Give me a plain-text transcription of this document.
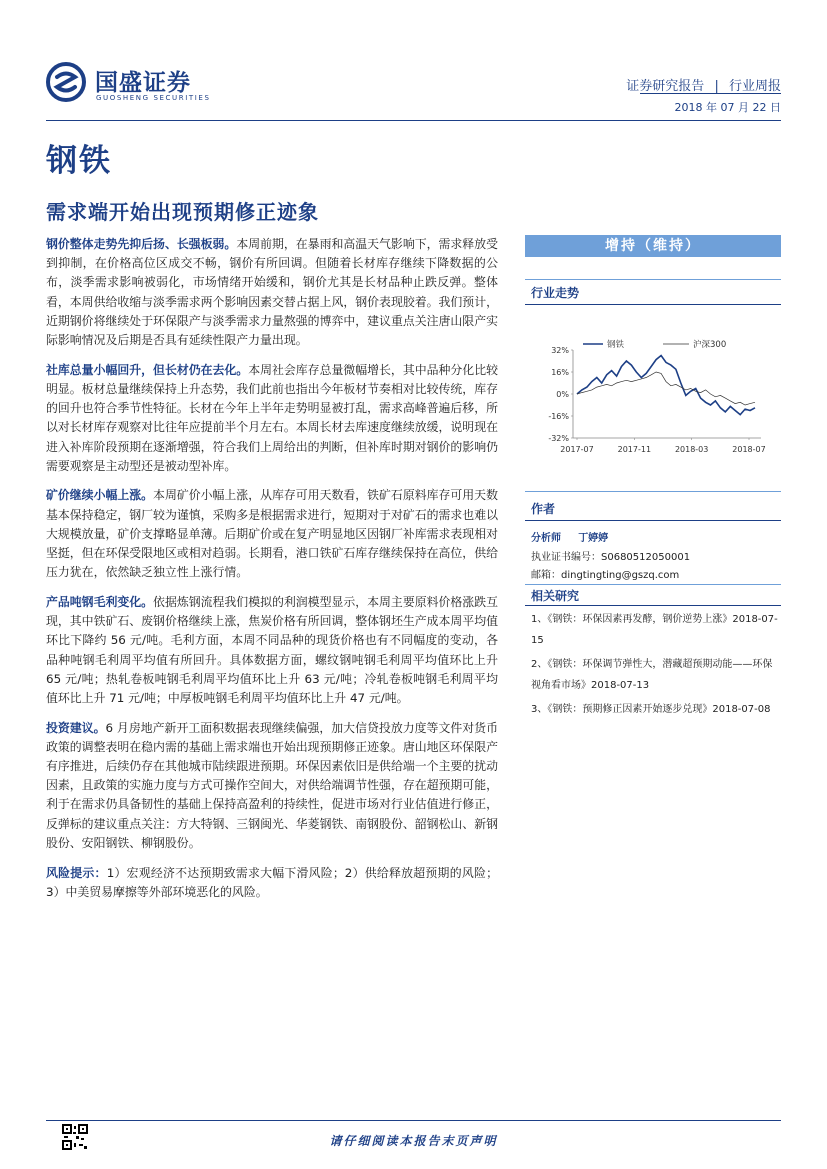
国盛证券
GUOSHENG SECURITIES
证券研究报告 | 行业周报
2018 年 07 月 22 日
钢铁
需求端开始出现预期修正迹象

钢价整体走势先抑后扬、长强板弱。本周前期，在暴雨和高温天气影响下，需求释放受到抑制，在价格高位区成交不畅，钢价有所回调。但随着长材库存继续下降数据的公布，淡季需求影响被弱化，市场情绪开始缓和，钢价尤其是长材品种止跌反弹。整体看，本周供给收缩与淡季需求两个影响因素交替占据上风，钢价表现胶着。我们预计，近期钢价将继续处于环保限产与淡季需求力量熬强的博弈中，建议重点关注唐山限产实际影响情况及后期是否具有延续性限产力量出现。

社库总量小幅回升，但长材仍在去化。本周社会库存总量微幅增长，其中品种分化比较明显。板材总量继续保持上升态势，我们此前也指出今年板材节奏相对比较传统，库存的回升也符合季节性特征。长材在今年上半年走势明显被打乱，需求高峰普遍后移，所以对长材库存观察对比往年应提前半个月左右。本周长材去库速度继续放缓，说明现在进入补库阶段预期在逐渐增强，符合我们上周给出的判断，但补库时期对钢价的影响仍需要观察是主动型还是被动型补库。

矿价继续小幅上涨。本周矿价小幅上涨，从库存可用天数看，铁矿石原料库存可用天数基本保持稳定，钢厂较为谨慎，采购多是根据需求进行，短期对于对矿石的需求也难以大规模放量，矿价支撑略显单薄。后期矿价或在复产明显地区因钢厂补库需求表现相对坚挺，但在环保受限地区或相对趋弱。长期看，港口铁矿石库存继续保持在高位，供给压力犹在，依然缺乏独立性上涨行情。

产品吨钢毛利变化。依据炼钢流程我们模拟的利润模型显示，本周主要原料价格涨跌互现，其中铁矿石、废钢价格继续上涨，焦炭价格有所回调，整体钢坯生产成本周平均值环比下降约 56 元/吨。毛利方面，本周不同品种的现货价格也有不同幅度的变动，各品种吨钢毛利周平均值有所回升。具体数据方面，螺纹钢吨钢毛利周平均值环比上升 65 元/吨；热轧卷板吨钢毛利周平均值环比上升 63 元/吨；冷轧卷板吨钢毛利周平均值环比上升 71 元/吨；中厚板吨钢毛利周平均值环比上升 47 元/吨。

投资建议。6 月房地产新开工面积数据表现继续偏强，加大信贷投放力度等文件对货币政策的调整表明在稳内需的基础上需求端也开始出现预期修正迹象。唐山地区环保限产有序推进，后续仍存在其他城市陆续跟进预期。环保因素依旧是供给端一个主要的扰动因素，且政策的实施力度与方式可操作空间大，对供给端调节性强，存在超预期可能，利于在需求仍具备韧性的基础上保持高盈利的持续性，促进市场对行业估值进行修正，反弹标的建议重点关注：方大特钢、三钢闽光、华菱钢铁、南钢股份、韶钢松山、新钢股份、安阳钢铁、柳钢股份。

风险提示：1）宏观经济不达预期致需求大幅下滑风险；2）供给释放超预期的风险；3）中美贸易摩擦等外部环境恶化的风险。

增持（维持）
行业走势
32%
16%
0%
-16%
-32%
2017-07	2017-11	2018-03	2018-07
钢铁	沪深300
作者
分析师 丁婷婷
执业证书编号：S0680512050001
邮箱：dingtingting@gszq.com
相关研究
1、《钢铁：环保因素再发酵，钢价逆势上涨》2018-07-15
2、《钢铁：环保调节弹性大，潜藏超预期动能——环保视角看市场》2018-07-13
3、《钢铁：预期修正因素开始逐步兑现》2018-07-08
请仔细阅读本报告末页声明
